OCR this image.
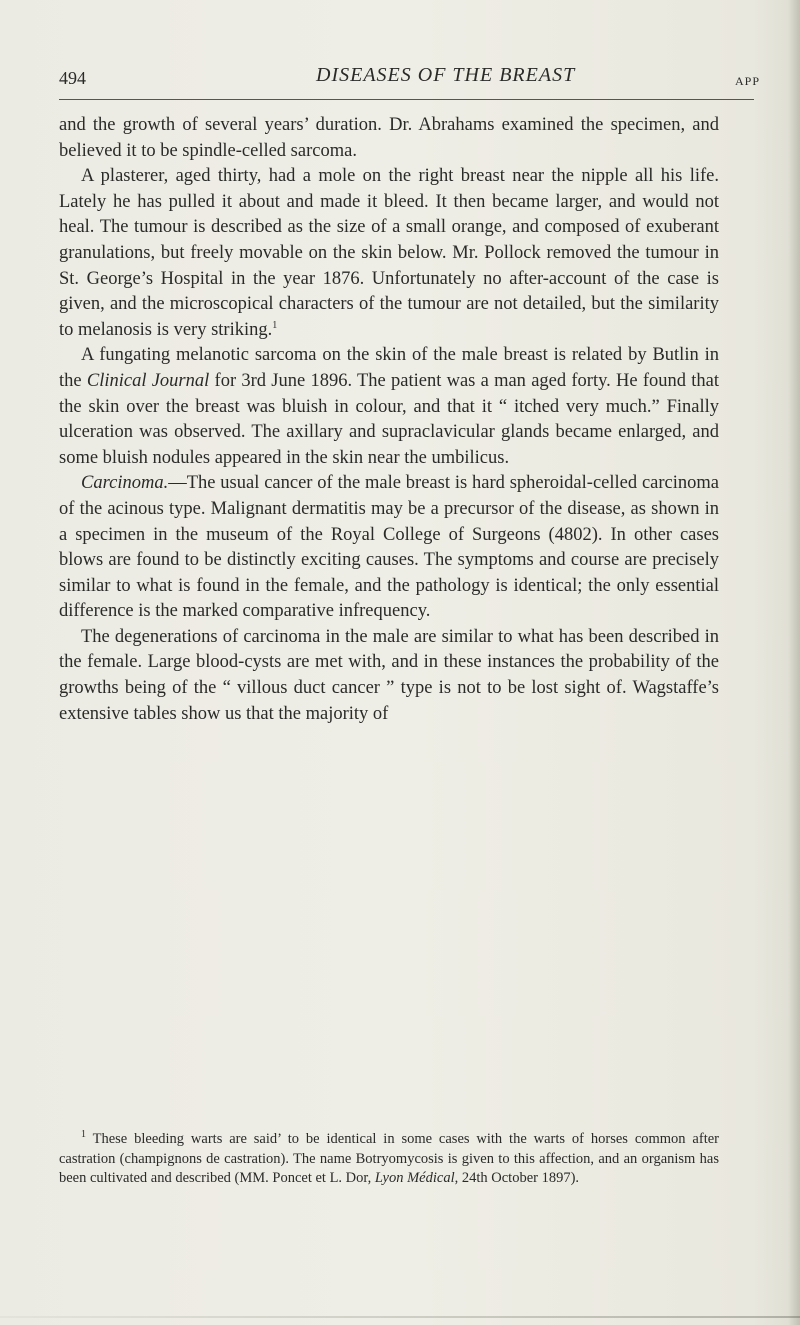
494	DISEASES OF THE BREAST	APP

and the growth of several years’ duration. Dr. Abrahams examined the specimen, and believed it to be spindle-celled sarcoma.

A plasterer, aged thirty, had a mole on the right breast near the nipple all his life. Lately he has pulled it about and made it bleed. It then became larger, and would not heal. The tumour is described as the size of a small orange, and composed of exuberant granulations, but freely movable on the skin below. Mr. Pollock removed the tumour in St. George’s Hospital in the year 1876. Unfortunately no after-account of the case is given, and the microscopical characters of the tumour are not detailed, but the similarity to melanosis is very striking.$^1$

A fungating melanotic sarcoma on the skin of the male breast is related by Butlin in the Clinical Journal for 3rd June 1896. The patient was a man aged forty. He found that the skin over the breast was bluish in colour, and that it “ itched very much.” Finally ulceration was observed. The axillary and supraclavicular glands became enlarged, and some bluish nodules appeared in the skin near the umbilicus.

Carcinoma.—The usual cancer of the male breast is hard spheroidal-celled carcinoma of the acinous type. Malignant dermatitis may be a precursor of the disease, as shown in a specimen in the museum of the Royal College of Surgeons (4802). In other cases blows are found to be distinctly exciting causes. The symptoms and course are precisely similar to what is found in the female, and the pathology is identical; the only essential difference is the marked comparative infrequency.

The degenerations of carcinoma in the male are similar to what has been described in the female. Large blood-cysts are met with, and in these instances the probability of the growths being of the “ villous duct cancer ” type is not to be lost sight of. Wagstaffe’s extensive tables show us that the majority of

$^1$ These bleeding warts are said’ to be identical in some cases with the warts of horses common after castration (champignons de castration). The name Botryomycosis is given to this affection, and an organism has been cultivated and described (MM. Poncet et L. Dor, Lyon Médical, 24th October 1897).
